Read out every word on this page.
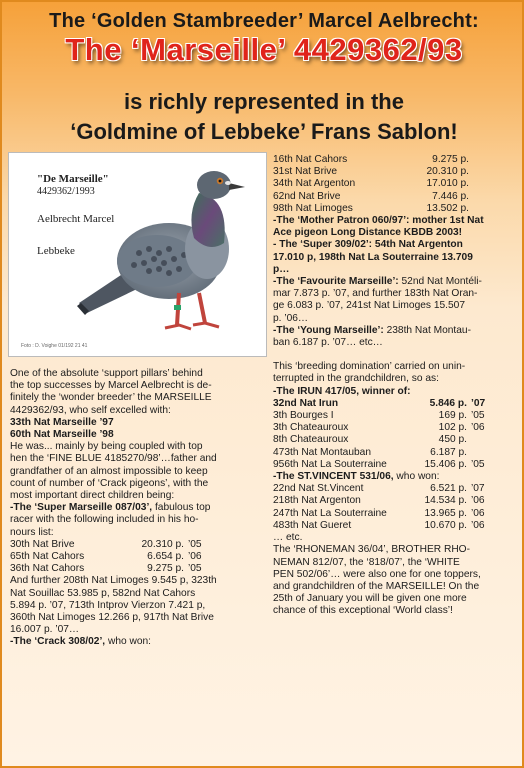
The ‘Golden Stambreeder’ Marcel Aelbrecht:
The ‘Marseille’ 4429362/93
is richly represented in the
‘Goldmine of Lebbeke’ Frans Sablon!
"De Marseille"
4429362/1993
Aelbrecht Marcel
Lebbeke
Foto : D. Voighe 01/192 21 41
One of the absolute ‘support pillars’ behind
the top successes by Marcel Aelbrecht is de-
finitely the ‘wonder breeder’ the MARSEILLE
4429362/93, who self excelled with:
33th Nat Marseille ’97
60th Nat Marseille ’98
He was... mainly by being coupled with top
hen the ‘FINE BLUE 4185270/98’…father and
grandfather of an almost impossible to keep
count of number of ‘Crack pigeons’, with the
most important direct children being:
-The ‘Super Marseille 087/03’, fabulous top
racer with the following included in his ho-
nours list:
30th Nat Brive	20.310 p. ’05
65th Nat Cahors	6.654 p. ’06
36th Nat Cahors	9.275 p. ’05
And further 208th Nat Limoges 9.545 p, 323th
Nat Souillac 53.985 p, 582nd Nat Cahors
5.894 p. ’07, 713th Intprov Vierzon 7.421 p,
360th Nat Limoges 12.266 p, 917th Nat Brive
16.007 p. ’07…
-The ‘Crack 308/02’, who won:
16th Nat Cahors	9.275 p.
31st Nat Brive	20.310 p.
34th Nat Argenton	17.010 p.
62nd Nat Brive	7.446 p.
98th Nat Limoges	13.502 p.
-The ‘Mother Patron 060/97’: mother 1st Nat
Ace pigeon Long Distance KBDB 2003!
- The ‘Super 309/02’: 54th Nat Argenton
17.010 p, 198th Nat La Souterraine 13.709
p…
-The ‘Favourite Marseille’: 52nd Nat Montéli-
mar 7.873 p. ’07, and further 183th Nat Oran-
ge 6.083 p. ’07, 241st Nat Limoges 15.507
p. ’06…
-The ‘Young Marseille’: 238th Nat Montau-
ban 6.187 p. ’07… etc…
This ‘breeding domination’ carried on unin-
terrupted in the grandchildren, so as:
-The IRUN 417/05, winner of:
32nd Nat Irun	5.846 p. ’07
3th Bourges I	169 p. ’05
3th Chateauroux	102 p. ’06
8th Chateauroux	450 p.
473th Nat Montauban	6.187 p.
956th Nat La Souterraine	15.406 p. ’05
-The ST.VINCENT 531/06, who won:
22nd Nat St.Vincent	6.521 p. ’07
218th Nat Argenton	14.534 p. ’06
247th Nat La Souterraine	13.965 p. ’06
483th Nat Gueret	10.670 p. ’06
… etc.
The ‘RHONEMAN 36/04’, BROTHER RHO-
NEMAN 812/07, the ‘818/07’, the ‘WHITE
PEN 502/06’… were also one for one toppers,
and grandchildren of the MARSEILLE! On the
25th of January you will be given one more
chance of this exceptional ‘World class’!
